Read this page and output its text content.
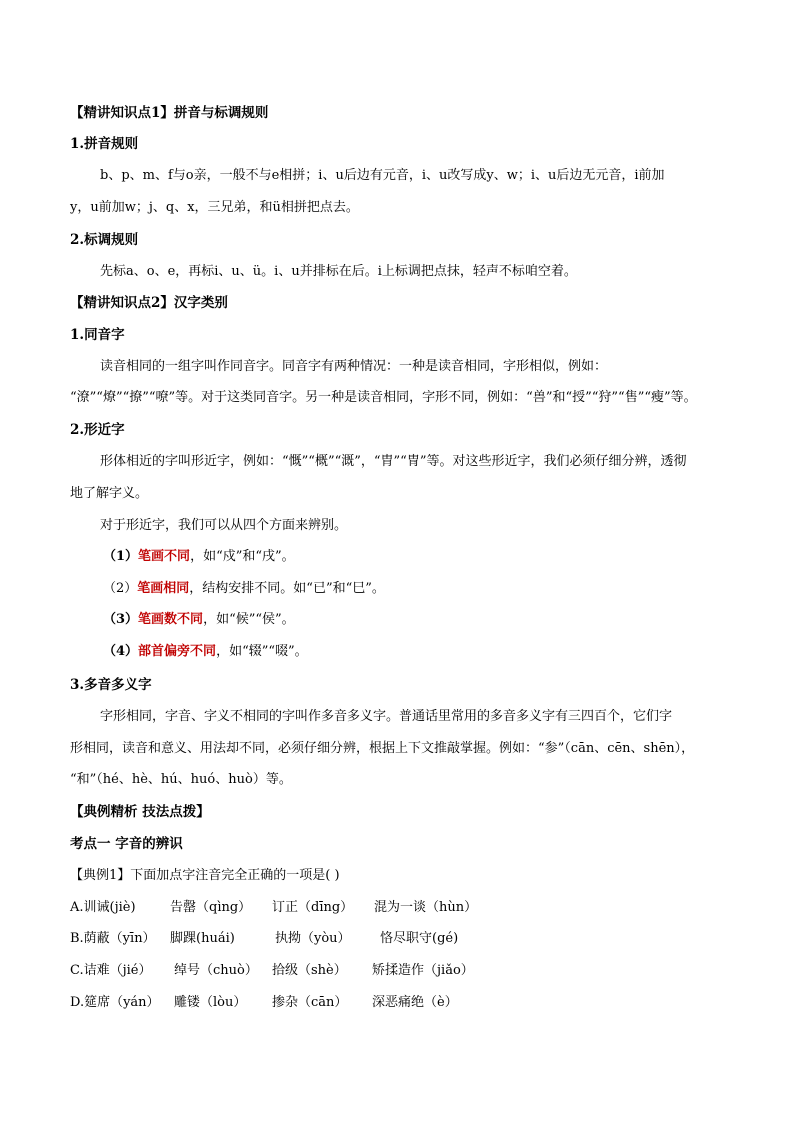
【精讲知识点1】拼音与标调规则
1.拼音规则
b、p、m、f与o亲，一般不与e相拼；i、u后边有元音，i、u改写成y、w；i、u后边无元音，i前加
y，u前加w；j、q、x，三兄弟，和ü相拼把点去。
2.标调规则
先标a、o、e，再标i、u、ü。i、u并排标在后。i上标调把点抹，轻声不标咱空着。
【精讲知识点2】汉字类别
1.同音字
读音相同的一组字叫作同音字。同音字有两种情况：一种是读音相同，字形相似，例如：
“潦”“燎”“撩”“嘹”等。对于这类同音字。另一种是读音相同，字形不同，例如：“兽”和“授”“狩”“售”“瘦”等。
2.形近字
形体相近的字叫形近字，例如：“慨”“概”“溉”，“胄”“冑”等。对这些形近字，我们必须仔细分辨，透彻
地了解字义。
对于形近字，我们可以从四个方面来辨别。
（1）笔画不同，如“戍”和“戌”。
（2）笔画相同，结构安排不同。如“已”和“巳”。
（3）笔画数不同，如“候”“侯”。
（4）部首偏旁不同，如“辍”“啜”。
3.多音多义字
字形相同，字音、字义不相同的字叫作多音多义字。普通话里常用的多音多义字有三四百个，它们字
形相同，读音和意义、用法却不同，必须仔细分辨，根据上下文推敲掌握。例如：“参”（cān、cēn、shēn），
“和”（hé、hè、hú、huó、huò）等。
【典例精析 技法点拨】
考点一 字音的辨识
【典例1】下面加点字注音完全正确的一项是( )
A.训诫(jiè)	告罄（qìng） 订正（dīng） 混为一谈（hùn）
B.荫蔽（yīn） 脚踝(huái)	执拗（yòu） 恪尽职守(gé)
C.诘难（jié） 绰号（chuò） 拾级（shè） 矫揉造作（jiǎo）
D.筵席（yán） 雕镂（lòu） 掺杂（cān） 深恶痛绝（è）
